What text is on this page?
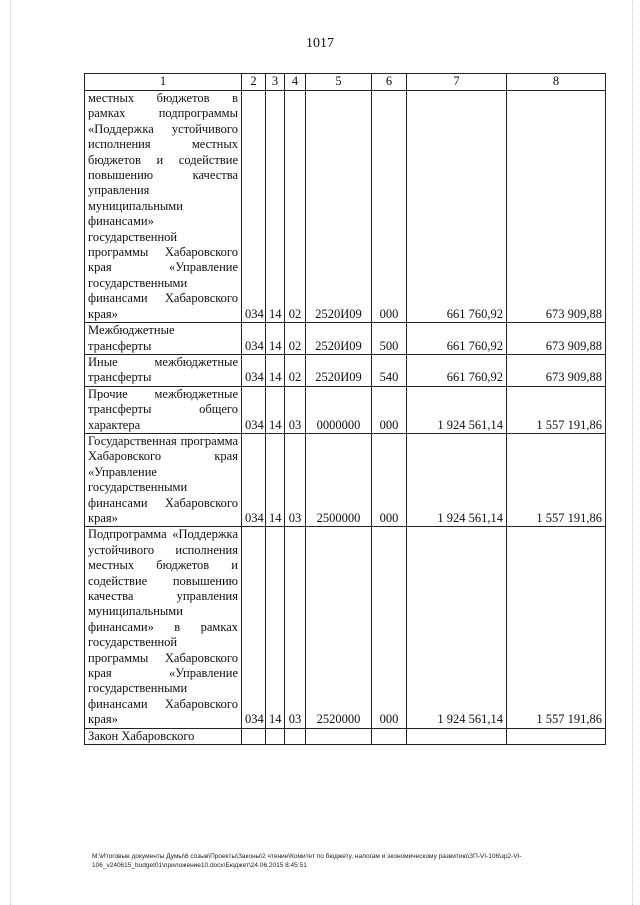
1017
1	2	3	4	5	6	7	8
местных бюджетов в рамках подпрограммы «Поддержка устойчивого исполнения местных бюджетов и содействие повышению качества управления муниципальными финансами» государственной программы Хабаровского края «Управление государственными финансами Хабаровского края»	034	14	02	2520И09	000	661 760,92	673 909,88
Межбюджетные трансферты	034	14	02	2520И09	500	661 760,92	673 909,88
Иные межбюджетные трансферты	034	14	02	2520И09	540	661 760,92	673 909,88
Прочие межбюджетные трансферты общего характера	034	14	03	0000000	000	1 924 561,14	1 557 191,86
Государственная программа Хабаровского края «Управление государственными финансами Хабаровского края»	034	14	03	2500000	000	1 924 561,14	1 557 191,86
Подпрограмма «Поддержка устойчивого исполнения местных бюджетов и содействие повышению качества управления муниципальными финансами» в рамках государственной программы Хабаровского края «Управление государственными финансами Хабаровского края»	034	14	03	2520000	000	1 924 561,14	1 557 191,86
Закон Хабаровского							
M:\Итоговые документы Думы\6 созыв\Проекты\Законы\2 чтение\Комитет по бюджету, налогам и экономическому развитию\ЗП-VI-106\зр2-VI-106_v240615_budget01\приложение10.docx\Бюджет\24.06.2015 8:45:51
